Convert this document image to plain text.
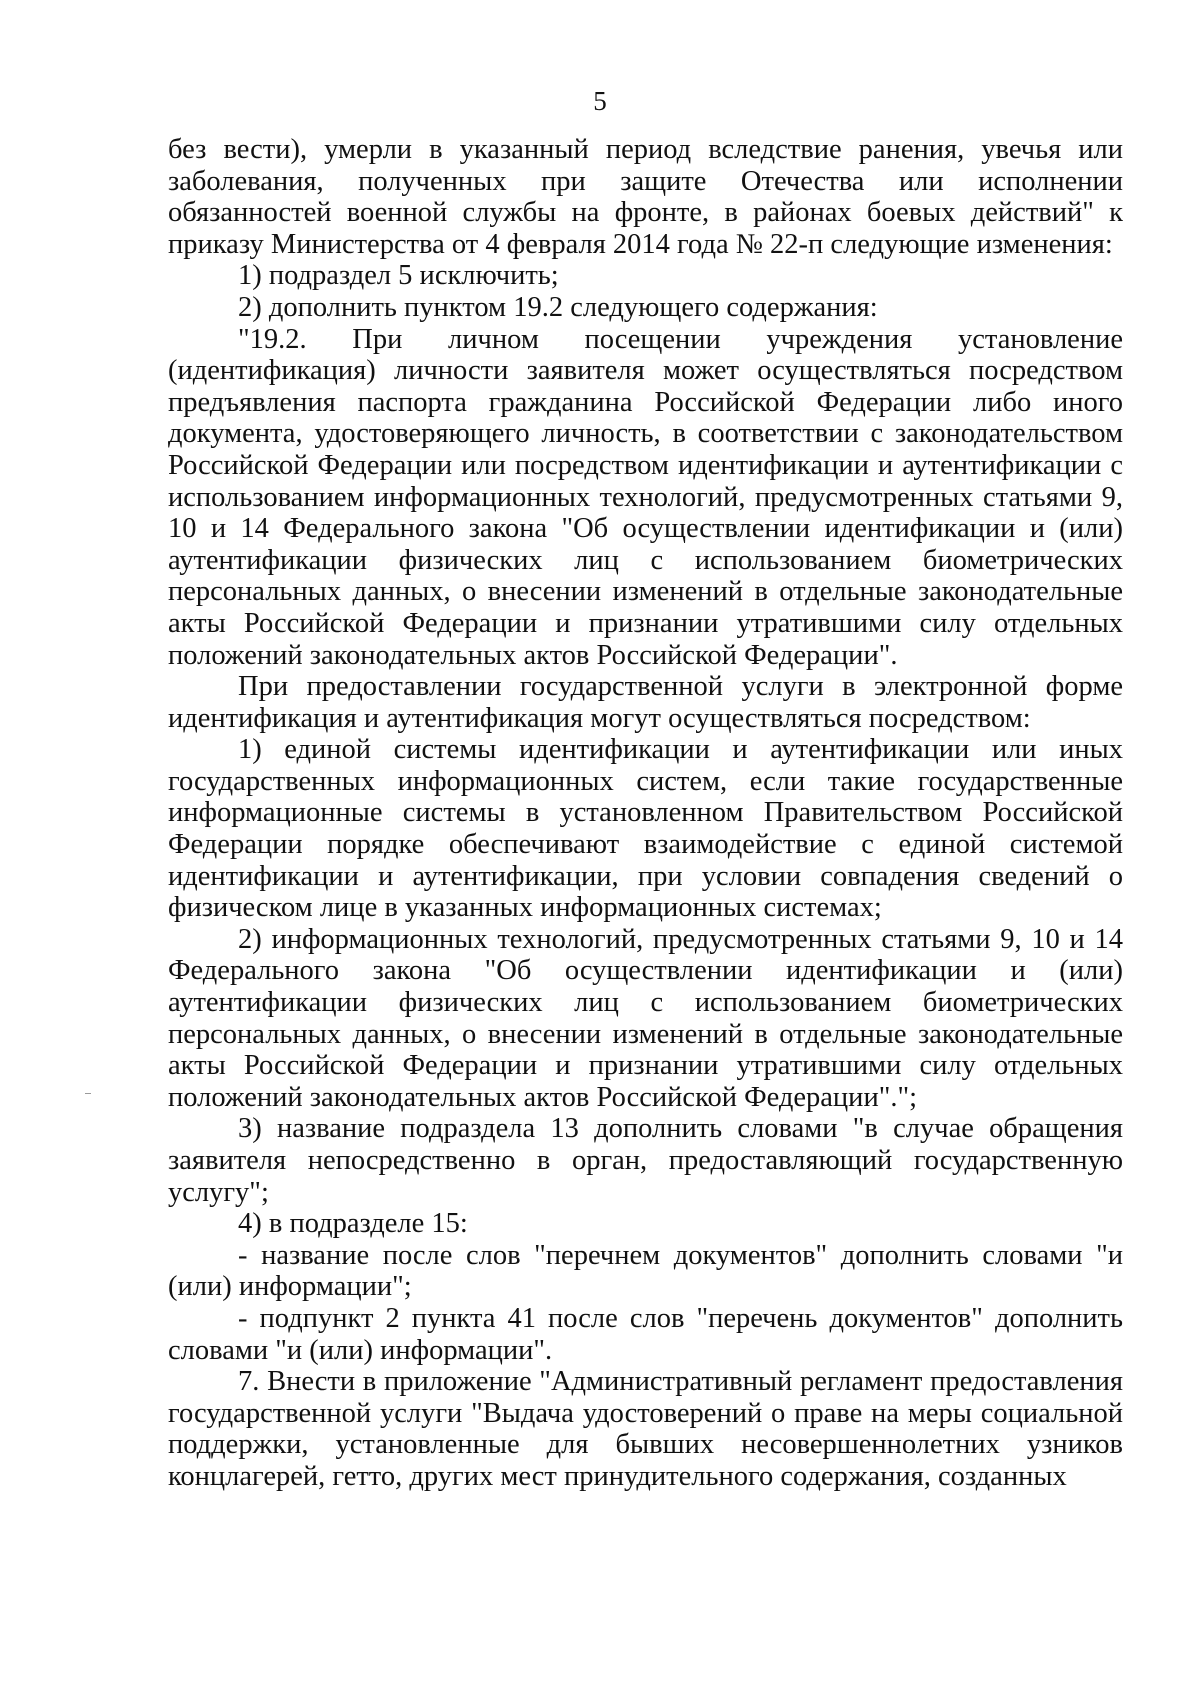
5

без вести), умерли в указанный период вследствие ранения, увечья или заболевания, полученных при защите Отечества или исполнении обязанностей военной службы на фронте, в районах боевых действий" к приказу Министерства от 4 февраля 2014 года № 22-п следующие изменения:

1) подраздел 5 исключить;

2) дополнить пунктом 19.2 следующего содержания:

"19.2. При личном посещении учреждения установление (идентификация) личности заявителя может осуществляться посредством предъявления паспорта гражданина Российской Федерации либо иного документа, удостоверяющего личность, в соответствии с законодательством Российской Федерации или посредством идентификации и аутентификации с использованием информационных технологий, предусмотренных статьями 9, 10 и 14 Федерального закона "Об осуществлении идентификации и (или) аутентификации физических лиц с использованием биометрических персональных данных, о внесении изменений в отдельные законодательные акты Российской Федерации и признании утратившими силу отдельных положений законодательных актов Российской Федерации".

При предоставлении государственной услуги в электронной форме идентификация и аутентификация могут осуществляться посредством:

1) единой системы идентификации и аутентификации или иных государственных информационных систем, если такие государственные информационные системы в установленном Правительством Российской Федерации порядке обеспечивают взаимодействие с единой системой идентификации и аутентификации, при условии совпадения сведений о физическом лице в указанных информационных системах;

2) информационных технологий, предусмотренных статьями 9, 10 и 14 Федерального закона "Об осуществлении идентификации и (или) аутентификации физических лиц с использованием биометрических персональных данных, о внесении изменений в отдельные законодательные акты Российской Федерации и признании утратившими силу отдельных положений законодательных актов Российской Федерации".";

3) название подраздела 13 дополнить словами "в случае обращения заявителя непосредственно в орган, предоставляющий государственную услугу";

4) в подразделе 15:

- название после слов "перечнем документов" дополнить словами "и (или) информации";

- подпункт 2 пункта 41 после слов "перечень документов" дополнить словами "и (или) информации".

7. Внести в приложение "Административный регламент предоставления государственной услуги "Выдача удостоверений о праве на меры социальной поддержки, установленные для бывших несовершеннолетних узников концлагерей, гетто, других мест принудительного содержания, созданных
